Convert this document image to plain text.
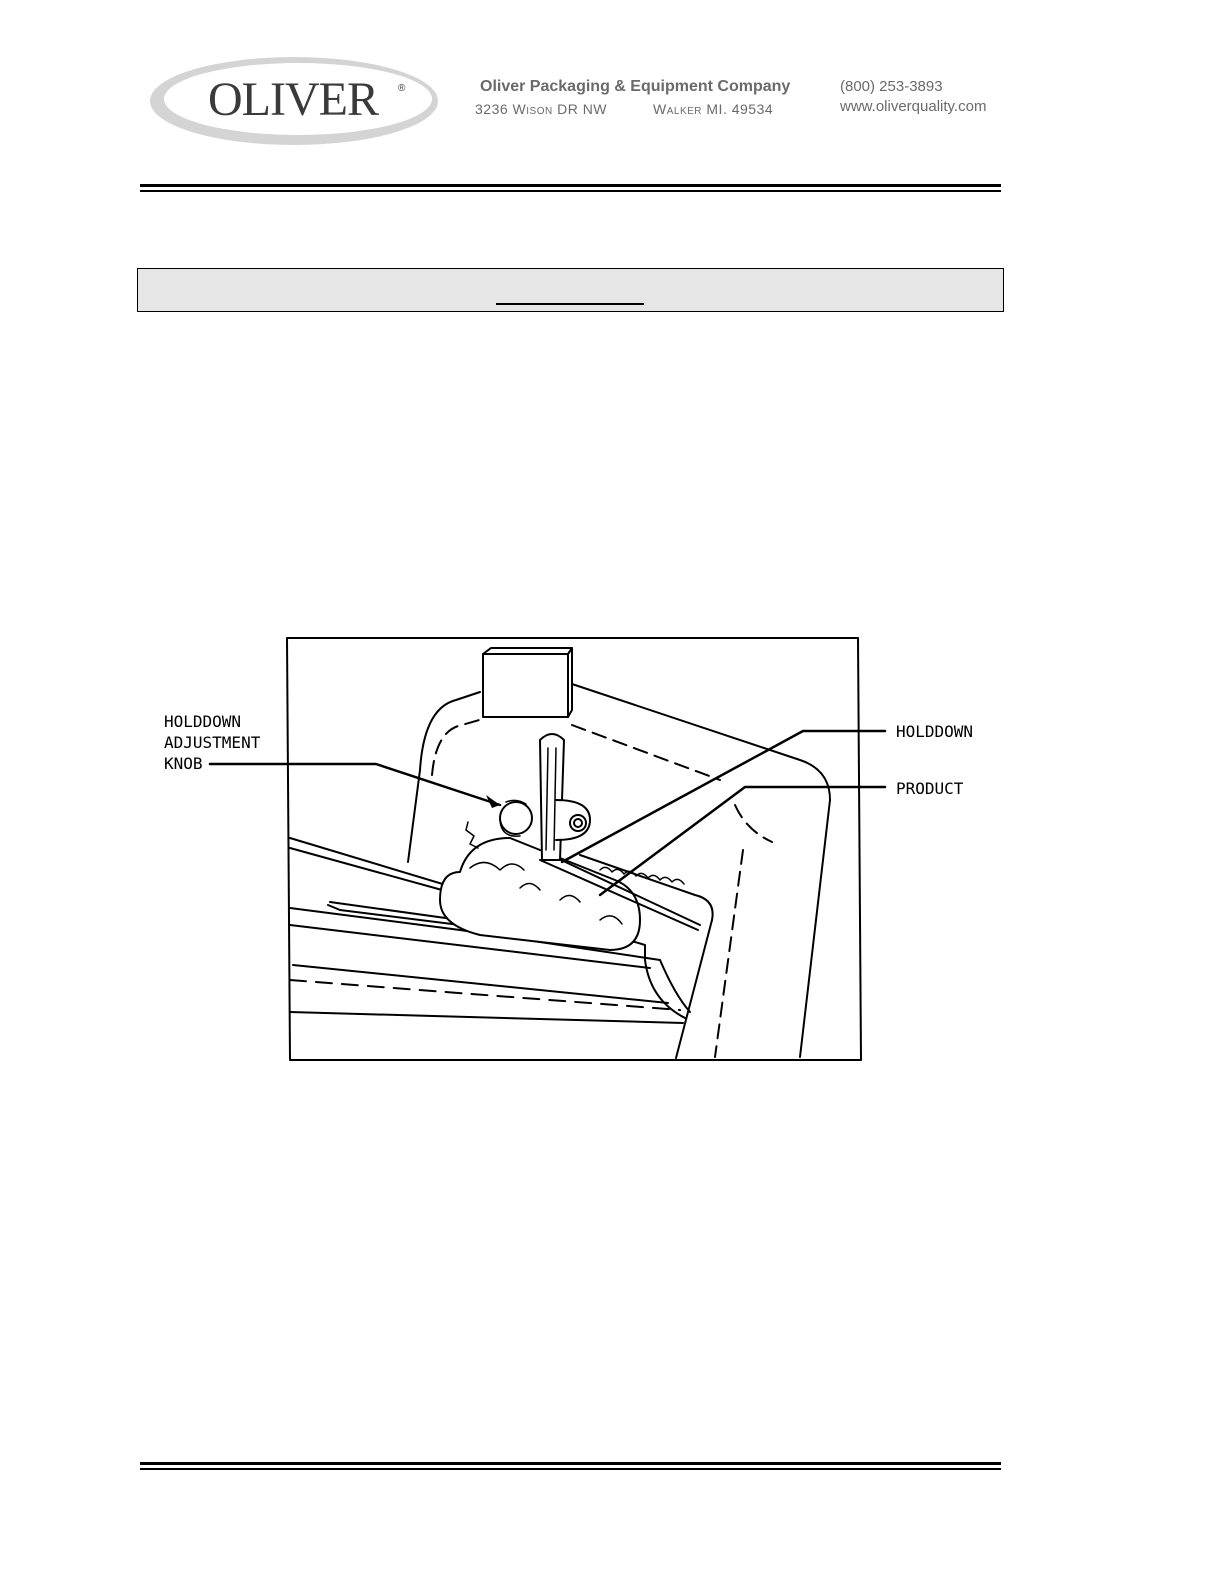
OLIVER ®	Oliver Packaging & Equipment Company
3236 Wison DR NW	Walker MI. 49534
(800) 253-3893
www.oliverquality.com
HOLDDOWN
ADJUSTMENT
KNOB
HOLDDOWN
PRODUCT
